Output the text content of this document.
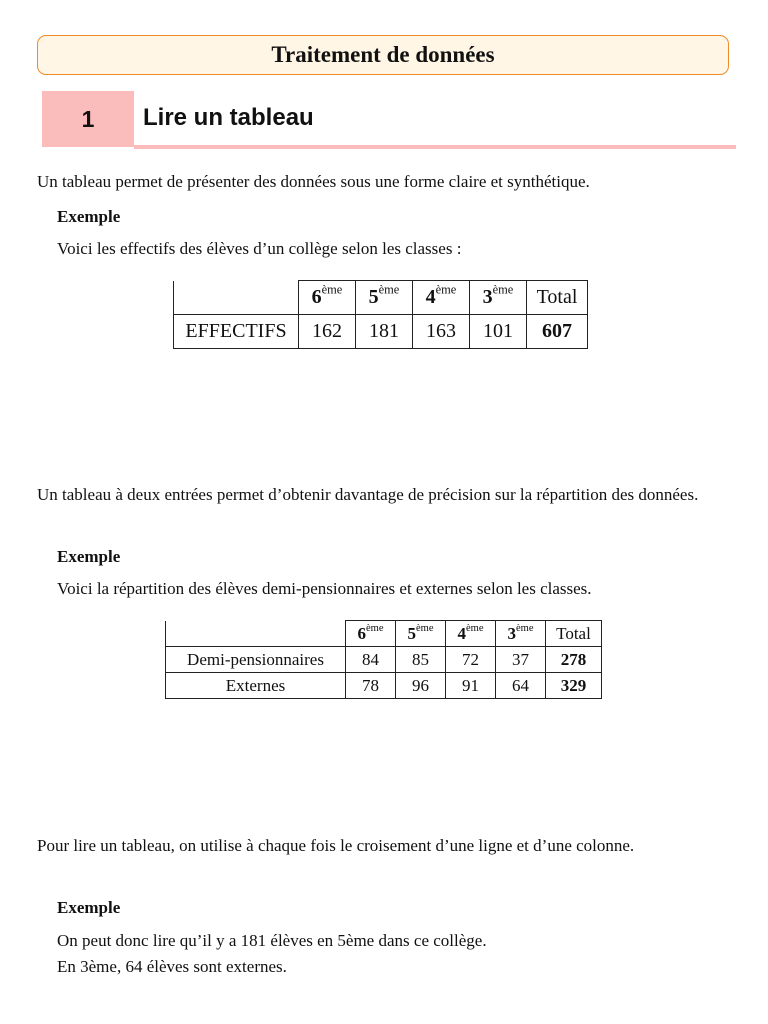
Traitement de données
1	Lire un tableau
Un tableau permet de présenter des données sous une forme claire et synthétique.
Exemple
Voici les effectifs des élèves d’un collège selon les classes :
	6ème	5ème	4ème	3ème	Total
EFFECTIFS	162	181	163	101	607
Un tableau à deux entrées permet d’obtenir davantage de précision sur la répartition des données.
Exemple
Voici la répartition des élèves demi-pensionnaires et externes selon les classes.
	6ème	5ème	4ème	3ème	Total
Demi-pensionnaires	84	85	72	37	278
Externes	78	96	91	64	329
Pour lire un tableau, on utilise à chaque fois le croisement d’une ligne et d’une colonne.
Exemple
On peut donc lire qu’il y a 181 élèves en 5ème dans ce collège.
En 3ème, 64 élèves sont externes.
